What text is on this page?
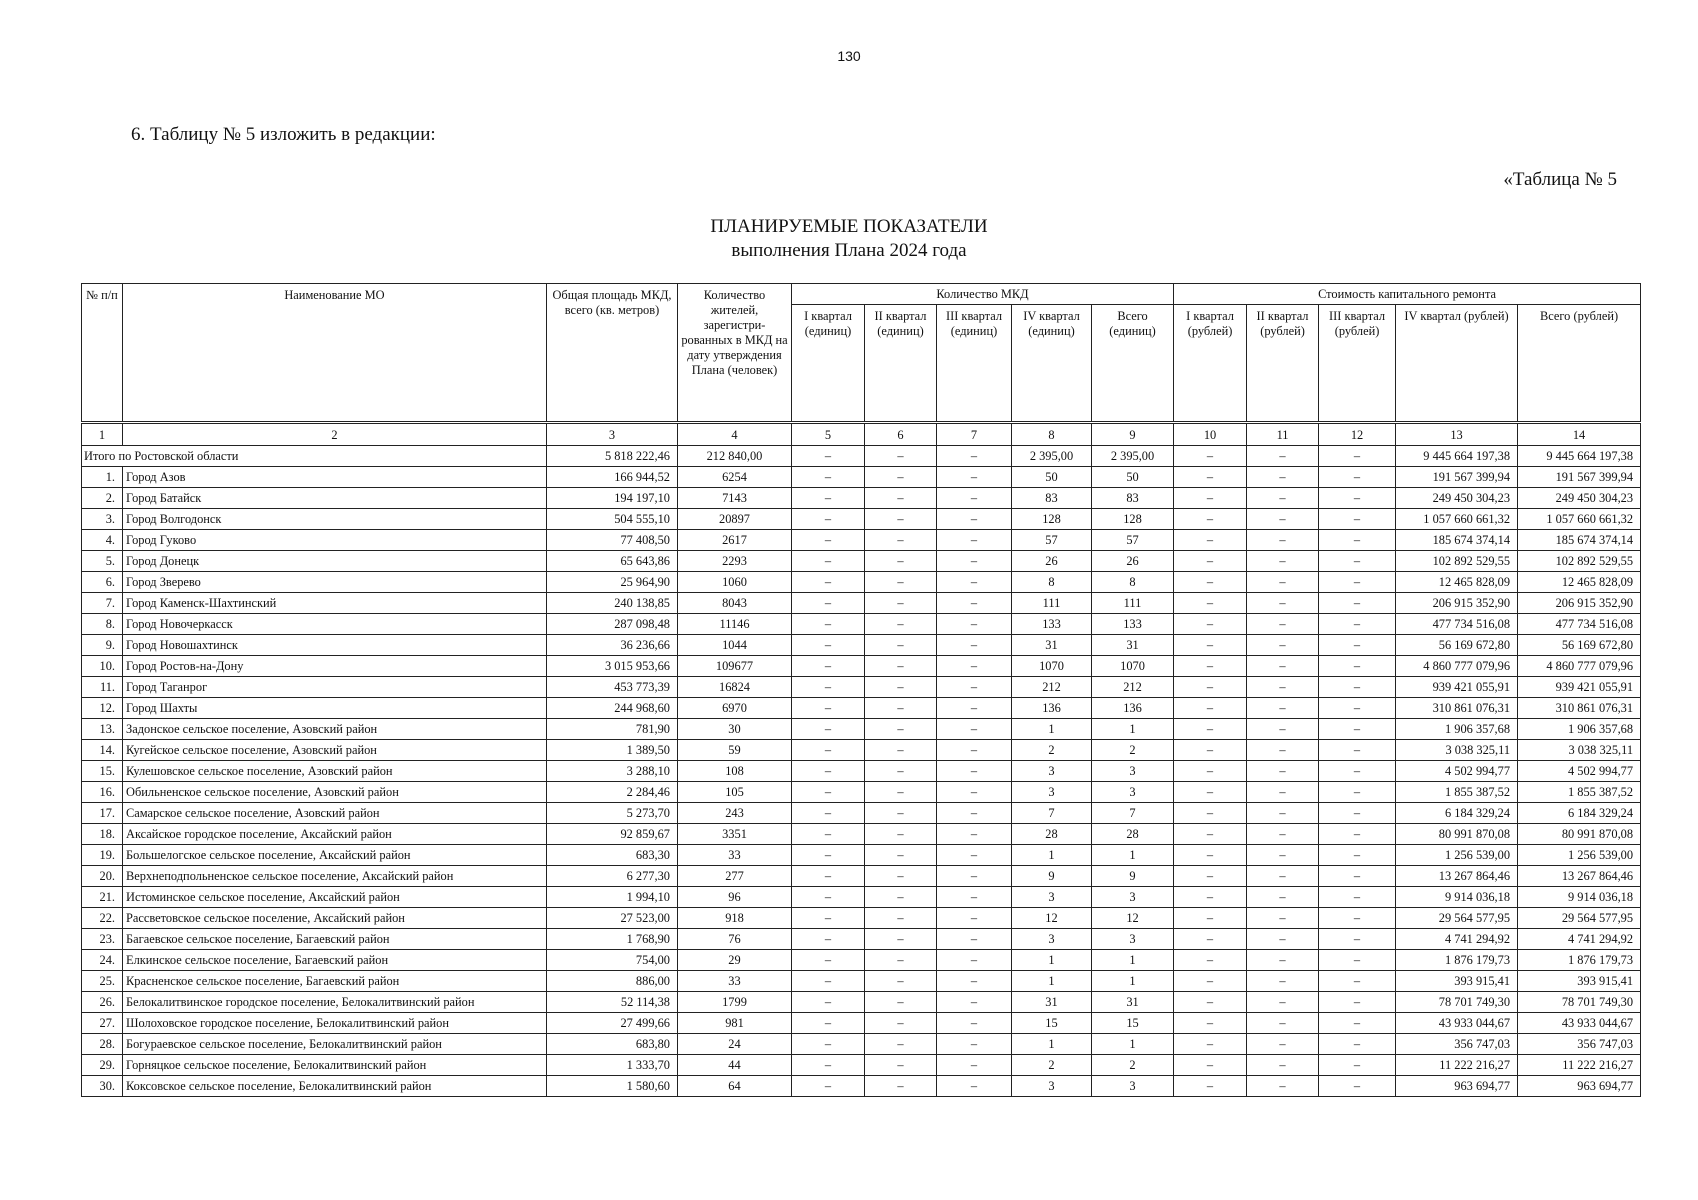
130
6. Таблицу № 5 изложить в редакции:
«Таблица № 5
ПЛАНИРУЕМЫЕ ПОКАЗАТЕЛИ
выполнения Плана 2024 года
№ п/п	Наименование МО	Общая площадь МКД, всего (кв. метров)	Количество жителей, зарегистри- рованных в МКД на дату утверждения Плана (человек)	Количество МКД					Стоимость капитального ремонта				
				I квартал (единиц)	II квартал (единиц)	III квартал (единиц)	IV квартал (единиц)	Всего (единиц)	I квартал (рублей)	II квартал (рублей)	III квартал (рублей)	IV квартал (рублей)	Всего (рублей)
1	2	3	4	5	6	7	8	9	10	11	12	13	14
Итого по Ростовской области		5 818 222,46	212 840,00	–	–	–	2 395,00	2 395,00	–	–	–	9 445 664 197,38	9 445 664 197,38
1.	Город Азов	166 944,52	6254	–	–	–	50	50	–	–	–	191 567 399,94	191 567 399,94
2.	Город Батайск	194 197,10	7143	–	–	–	83	83	–	–	–	249 450 304,23	249 450 304,23
3.	Город Волгодонск	504 555,10	20897	–	–	–	128	128	–	–	–	1 057 660 661,32	1 057 660 661,32
4.	Город Гуково	77 408,50	2617	–	–	–	57	57	–	–	–	185 674 374,14	185 674 374,14
5.	Город Донецк	65 643,86	2293	–	–	–	26	26	–	–	–	102 892 529,55	102 892 529,55
6.	Город Зверево	25 964,90	1060	–	–	–	8	8	–	–	–	12 465 828,09	12 465 828,09
7.	Город Каменск-Шахтинский	240 138,85	8043	–	–	–	111	111	–	–	–	206 915 352,90	206 915 352,90
8.	Город Новочеркасск	287 098,48	11146	–	–	–	133	133	–	–	–	477 734 516,08	477 734 516,08
9.	Город Новошахтинск	36 236,66	1044	–	–	–	31	31	–	–	–	56 169 672,80	56 169 672,80
10.	Город Ростов-на-Дону	3 015 953,66	109677	–	–	–	1070	1070	–	–	–	4 860 777 079,96	4 860 777 079,96
11.	Город Таганрог	453 773,39	16824	–	–	–	212	212	–	–	–	939 421 055,91	939 421 055,91
12.	Город Шахты	244 968,60	6970	–	–	–	136	136	–	–	–	310 861 076,31	310 861 076,31
13.	Задонское сельское поселение, Азовский район	781,90	30	–	–	–	1	1	–	–	–	1 906 357,68	1 906 357,68
14.	Кугейское сельское поселение, Азовский район	1 389,50	59	–	–	–	2	2	–	–	–	3 038 325,11	3 038 325,11
15.	Кулешовское сельское поселение, Азовский район	3 288,10	108	–	–	–	3	3	–	–	–	4 502 994,77	4 502 994,77
16.	Обильненское сельское поселение, Азовский район	2 284,46	105	–	–	–	3	3	–	–	–	1 855 387,52	1 855 387,52
17.	Самарское сельское поселение, Азовский район	5 273,70	243	–	–	–	7	7	–	–	–	6 184 329,24	6 184 329,24
18.	Аксайское городское поселение, Аксайский район	92 859,67	3351	–	–	–	28	28	–	–	–	80 991 870,08	80 991 870,08
19.	Большелогское сельское поселение, Аксайский район	683,30	33	–	–	–	1	1	–	–	–	1 256 539,00	1 256 539,00
20.	Верхнеподпольненское сельское поселение, Аксайский район	6 277,30	277	–	–	–	9	9	–	–	–	13 267 864,46	13 267 864,46
21.	Истоминское сельское поселение, Аксайский район	1 994,10	96	–	–	–	3	3	–	–	–	9 914 036,18	9 914 036,18
22.	Рассветовское сельское поселение, Аксайский район	27 523,00	918	–	–	–	12	12	–	–	–	29 564 577,95	29 564 577,95
23.	Багаевское сельское поселение, Багаевский район	1 768,90	76	–	–	–	3	3	–	–	–	4 741 294,92	4 741 294,92
24.	Елкинское сельское поселение, Багаевский район	754,00	29	–	–	–	1	1	–	–	–	1 876 179,73	1 876 179,73
25.	Красненское сельское поселение, Багаевский район	886,00	33	–	–	–	1	1	–	–	–	393 915,41	393 915,41
26.	Белокалитвинское городское поселение, Белокалитвинский район	52 114,38	1799	–	–	–	31	31	–	–	–	78 701 749,30	78 701 749,30
27.	Шолоховское городское поселение, Белокалитвинский район	27 499,66	981	–	–	–	15	15	–	–	–	43 933 044,67	43 933 044,67
28.	Богураевское сельское поселение, Белокалитвинский район	683,80	24	–	–	–	1	1	–	–	–	356 747,03	356 747,03
29.	Горняцкое сельское поселение, Белокалитвинский район	1 333,70	44	–	–	–	2	2	–	–	–	11 222 216,27	11 222 216,27
30.	Коксовское сельское поселение, Белокалитвинский район	1 580,60	64	–	–	–	3	3	–	–	–	963 694,77	963 694,77
